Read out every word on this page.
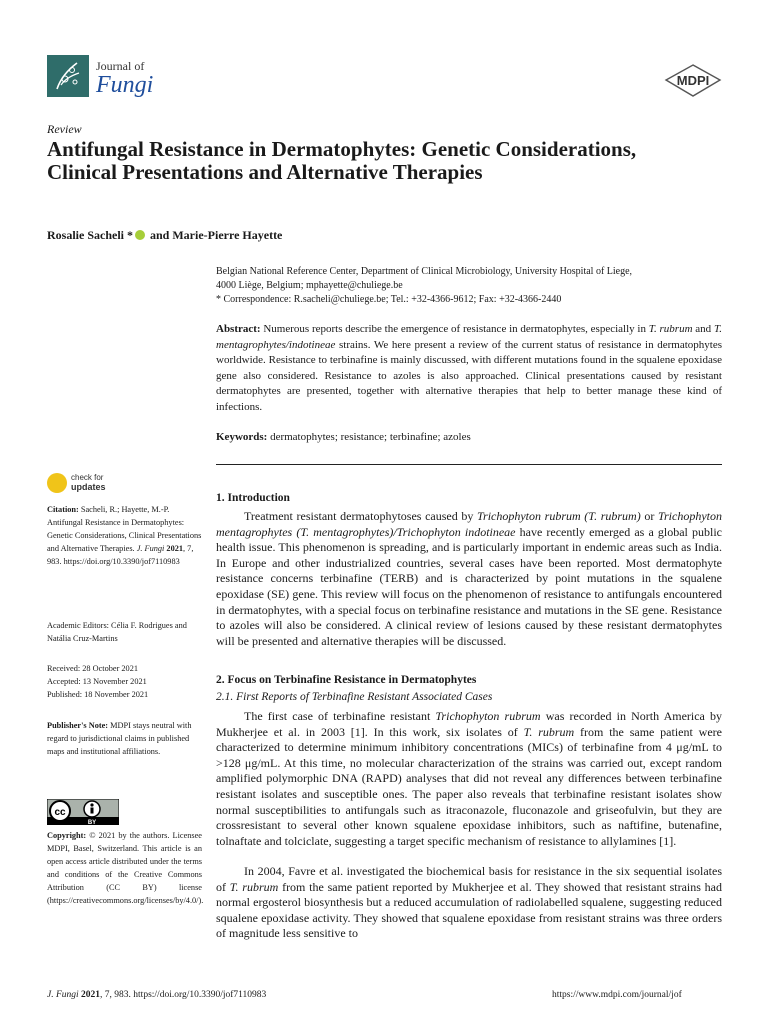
Journal of
Fungi	MDPI
Review
Antifungal Resistance in Dermatophytes: Genetic Considerations, Clinical Presentations and Alternative Therapies
Rosalie Sacheli * and Marie-Pierre Hayette
Belgian National Reference Center, Department of Clinical Microbiology, University Hospital of Liege,
4000 Liège, Belgium; mphayette@chuliege.be
* Correspondence: R.sacheli@chuliege.be; Tel.: +32-4366-9612; Fax: +32-4366-2440
Abstract: Numerous reports describe the emergence of resistance in dermatophytes, especially in T. rubrum and T. mentagrophytes/indotineae strains. We here present a review of the current status of resistance in dermatophytes worldwide. Resistance to terbinafine is mainly discussed, with different mutations found in the squalene epoxidase gene also considered. Resistance to azoles is also approached. Clinical presentations caused by resistant dermatophytes are presented, together with alternative therapies that help to better manage these kind of infections.
Keywords: dermatophytes; resistance; terbinafine; azoles
check for
updates
Citation: Sacheli, R.; Hayette, M.-P. Antifungal Resistance in Dermatophytes: Genetic Considerations, Clinical Presentations and Alternative Therapies. J. Fungi 2021, 7, 983. https://doi.org/10.3390/jof7110983
Academic Editors: Célia F. Rodrigues and Natália Cruz-Martins
Received: 28 October 2021
Accepted: 13 November 2021
Published: 18 November 2021
Publisher's Note: MDPI stays neutral with regard to jurisdictional claims in published maps and institutional affiliations.
cc
BY
Copyright: © 2021 by the authors. Licensee MDPI, Basel, Switzerland. This article is an open access article distributed under the terms and conditions of the Creative Commons Attribution (CC BY) license (https://creativecommons.org/licenses/by/4.0/).
1. Introduction
Treatment resistant dermatophytoses caused by Trichophyton rubrum (T. rubrum) or Trichophyton mentagrophytes (T. mentagrophytes)/Trichophyton indotineae have recently emerged as a global public health issue. This phenomenon is spreading, and is particularly important in endemic areas such as India. In Europe and other industrialized countries, several cases have been reported. Most dermatophyte resistance concerns terbinafine (TERB) and is characterized by point mutations in the squalene epoxidase (SE) gene. This review will focus on the phenomenon of resistance to antifungals encountered in dermatophytes, with a special focus on terbinafine resistance and mutations in the SE gene. Resistance to azoles will also be considered. A clinical review of lesions caused by these resistant dermatophytes will be presented and alternative therapies will be discussed.
2. Focus on Terbinafine Resistance in Dermatophytes
2.1. First Reports of Terbinafine Resistant Associated Cases
The first case of terbinafine resistant Trichophyton rubrum was recorded in North America by Mukherjee et al. in 2003 [1]. In this work, six isolates of T. rubrum from the same patient were characterized to determine minimum inhibitory concentrations (MICs) of terbinafine from 4 μg/mL to >128 μg/mL. At this time, no molecular characterization of the strains was carried out, except random amplified polymorphic DNA (RAPD) analyses that did not reveal any differences between terbinafine resistant isolates and susceptible ones. The paper also reveals that terbinafine resistant isolates show normal susceptibilities to antifungals such as itraconazole, fluconazole and griseofulvin, but they are crossresistant to several other known squalene epoxidase inhibitors, such as naftifine, butenafine, tolnaftate and tolciclate, suggesting a target specific mechanism of resistance to allylamines [1].
In 2004, Favre et al. investigated the biochemical basis for resistance in the six sequential isolates of T. rubrum from the same patient reported by Mukherjee et al. They showed that resistant strains had normal ergosterol biosynthesis but a reduced accumulation of radiolabelled squalene, suggesting reduced squalene epoxidase activity. They showed that squalene epoxidase from resistant strains was three orders of magnitude less sensitive to
J. Fungi 2021, 7, 983. https://doi.org/10.3390/jof7110983	https://www.mdpi.com/journal/jof
